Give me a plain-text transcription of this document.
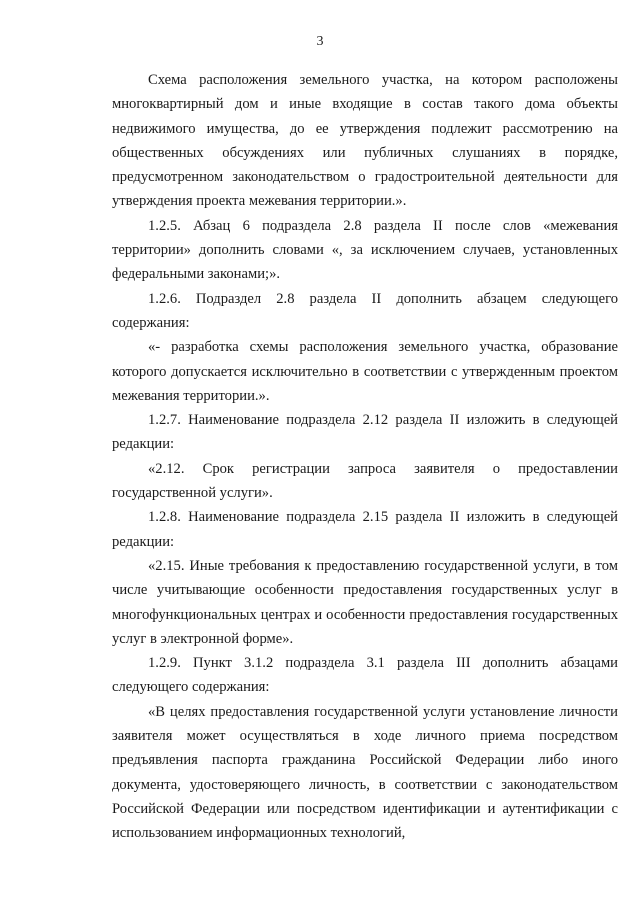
3

Схема расположения земельного участка, на котором расположены многоквартирный дом и иные входящие в состав такого дома объекты недвижимого имущества, до ее утверждения подлежит рассмотрению на общественных обсуждениях или публичных слушаниях в порядке, предусмотренном законодательством о градостроительной деятельности для утверждения проекта межевания территории.».

1.2.5. Абзац 6 подраздела 2.8 раздела II после слов «межевания территории» дополнить словами «, за исключением случаев, установленных федеральными законами;».

1.2.6. Подраздел 2.8 раздела II дополнить абзацем следующего содержания:

«- разработка схемы расположения земельного участка, образование которого допускается исключительно в соответствии с утвержденным проектом межевания территории.».

1.2.7. Наименование подраздела 2.12 раздела II изложить в следующей редакции:

«2.12. Срок регистрации запроса заявителя о предоставлении государственной услуги».

1.2.8. Наименование подраздела 2.15 раздела II изложить в следующей редакции:

«2.15. Иные требования к предоставлению государственной услуги, в том числе учитывающие особенности предоставления государственных услуг в многофункциональных центрах и особенности предоставления государственных услуг в электронной форме».

1.2.9. Пункт 3.1.2 подраздела 3.1 раздела III дополнить абзацами следующего содержания:

«В целях предоставления государственной услуги установление личности заявителя может осуществляться в ходе личного приема посредством предъявления паспорта гражданина Российской Федерации либо иного документа, удостоверяющего личность, в соответствии с законодательством Российской Федерации или посредством идентификации и аутентификации с использованием информационных технологий,
